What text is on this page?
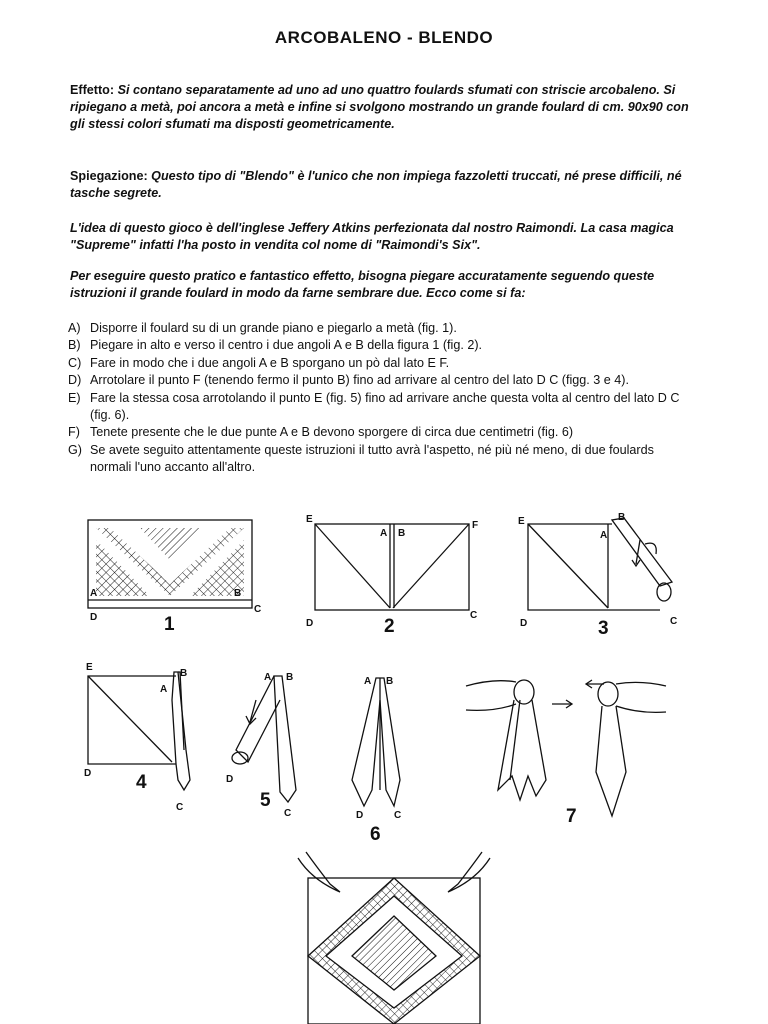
ARCOBALENO - BLENDO
Effetto: Si contano separatamente ad uno ad uno quattro foulards sfumati con striscie arcobaleno. Si ripiegano a metà, poi ancora a metà e infine si svolgono mostrando un grande foulard di cm. 90x90 con gli stessi colori sfumati ma disposti geometricamente.
Spiegazione: Questo tipo di "Blendo" è l'unico che non impiega fazzoletti truccati, né prese difficili, né tasche segrete.
L'idea di questo gioco è dell'inglese Jeffery Atkins perfezionata dal nostro Raimondi. La casa magica "Supreme" infatti l'ha posto in vendita col nome di "Raimondi's Six".
Per eseguire questo pratico e fantastico effetto, bisogna piegare accuratamente seguendo queste istruzioni il grande foulard in modo da farne sembrare due. Ecco come si fa:
A) Disporre il foulard su di un grande piano e piegarlo a metà (fig. 1).
B) Piegare in alto e verso il centro i due angoli A e B della figura 1 (fig. 2).
C) Fare in modo che i due angoli A e B sporgano un pò dal lato E F.
D) Arrotolare il punto F (tenendo fermo il punto B) fino ad arrivare al centro del lato D C (figg. 3 e 4).
E) Fare la stessa cosa arrotolando il punto E (fig. 5) fino ad arrivare anche questa volta al centro del lato D C (fig. 6).
F) Tenete presente che le due punte A e B devono sporgere di circa due centimetri (fig. 6)
G) Se avete seguito attentamente queste istruzioni il tutto avrà l'aspetto, né più né meno, di due foulards normali l'uno accanto all'altro.
A	B
D
C
1
E
F
A B
D
C
2
E
A
B
D	C
3
E
A
B
D
C
4
A B
D
C
5
A B
D	C
6
7
